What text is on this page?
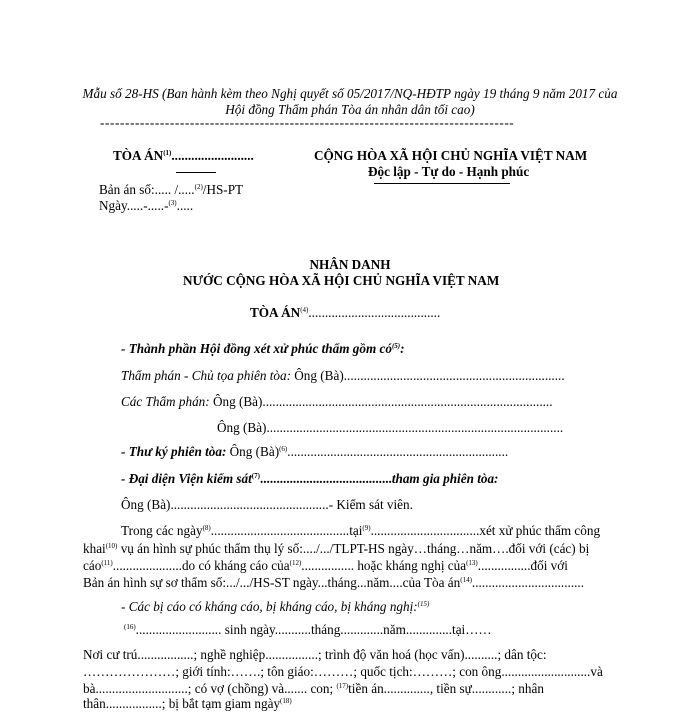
Mẫu số 28-HS (Ban hành kèm theo Nghị quyết số 05/2017/NQ-HĐTP ngày 19 tháng 9 năm 2017 của
Hội đồng Thẩm phán Tòa án nhân dân tối cao)
-----------------------------------------------------------------------------------
TÒA ÁN$^{(1)}$.........................
Bản án số:..... /.....$^{(2)}$/HS-PT
Ngày.....-.....-$^{(3)}$.....
CỘNG HÒA XÃ HỘI CHỦ NGHĨA VIỆT NAM
Độc lập - Tự do - Hạnh phúc
NHÂN DANH
NƯỚC CỘNG HÒA XÃ HỘI CHỦ NGHĨA VIỆT NAM
TÒA ÁN$^{(4)}$........................................
- Thành phần Hội đồng xét xử phúc thẩm gồm $có^{(5)}$:
Thẩm phán - Chủ tọa phiên tòa: Ông (Bà)...................................................................
Các Thẩm phán: Ông (Bà)........................................................................................
Ông (Bà)..........................................................................................
- Thư ký phiên tòa: Ông (Bà)$^{(6)}$...................................................................
- Đại diện Viện kiểm sát$^{(7)}$........................................tham gia phiên tòa:
Ông (Bà)................................................- Kiểm sát viên.
Trong các ngày$^{(8)}$..........................................tại$^{(9)}$.................................xét xử phúc thẩm công
khai$^{(10)}$ vụ án hình sự phúc thẩm thụ lý số:..../.../TLPT-HS ngày…tháng…năm….đối với (các) bị
cáo$^{(11)}$.....................do có kháng cáo của$^{(12)}$................ hoặc kháng nghị của$^{(13)}$................đối với
Bản án hình sự sơ thẩm số:.../.../HS-ST ngày...tháng...năm....của Tòa $án^{(14)}$..................................
- Các bị cáo có kháng cáo, bị kháng cáo, bị kháng nghị:$^{(15)}$
$^{(16)}$.......................... sinh ngày...........tháng.............năm..............tại……
Nơi cư trú.................; nghề nghiệp................; trình độ văn hoá (học vấn)..........; dân tộc:
…………………; giới tính:…….; tôn giáo:………; quốc tịch:………; con ông...........................và
bà............................; có vợ (chồng) và....... con; $^{(17)}$tiền án.............., tiền sự............; nhân
thân.................; bị bắt tạm giam ngày$^{(18)}$
